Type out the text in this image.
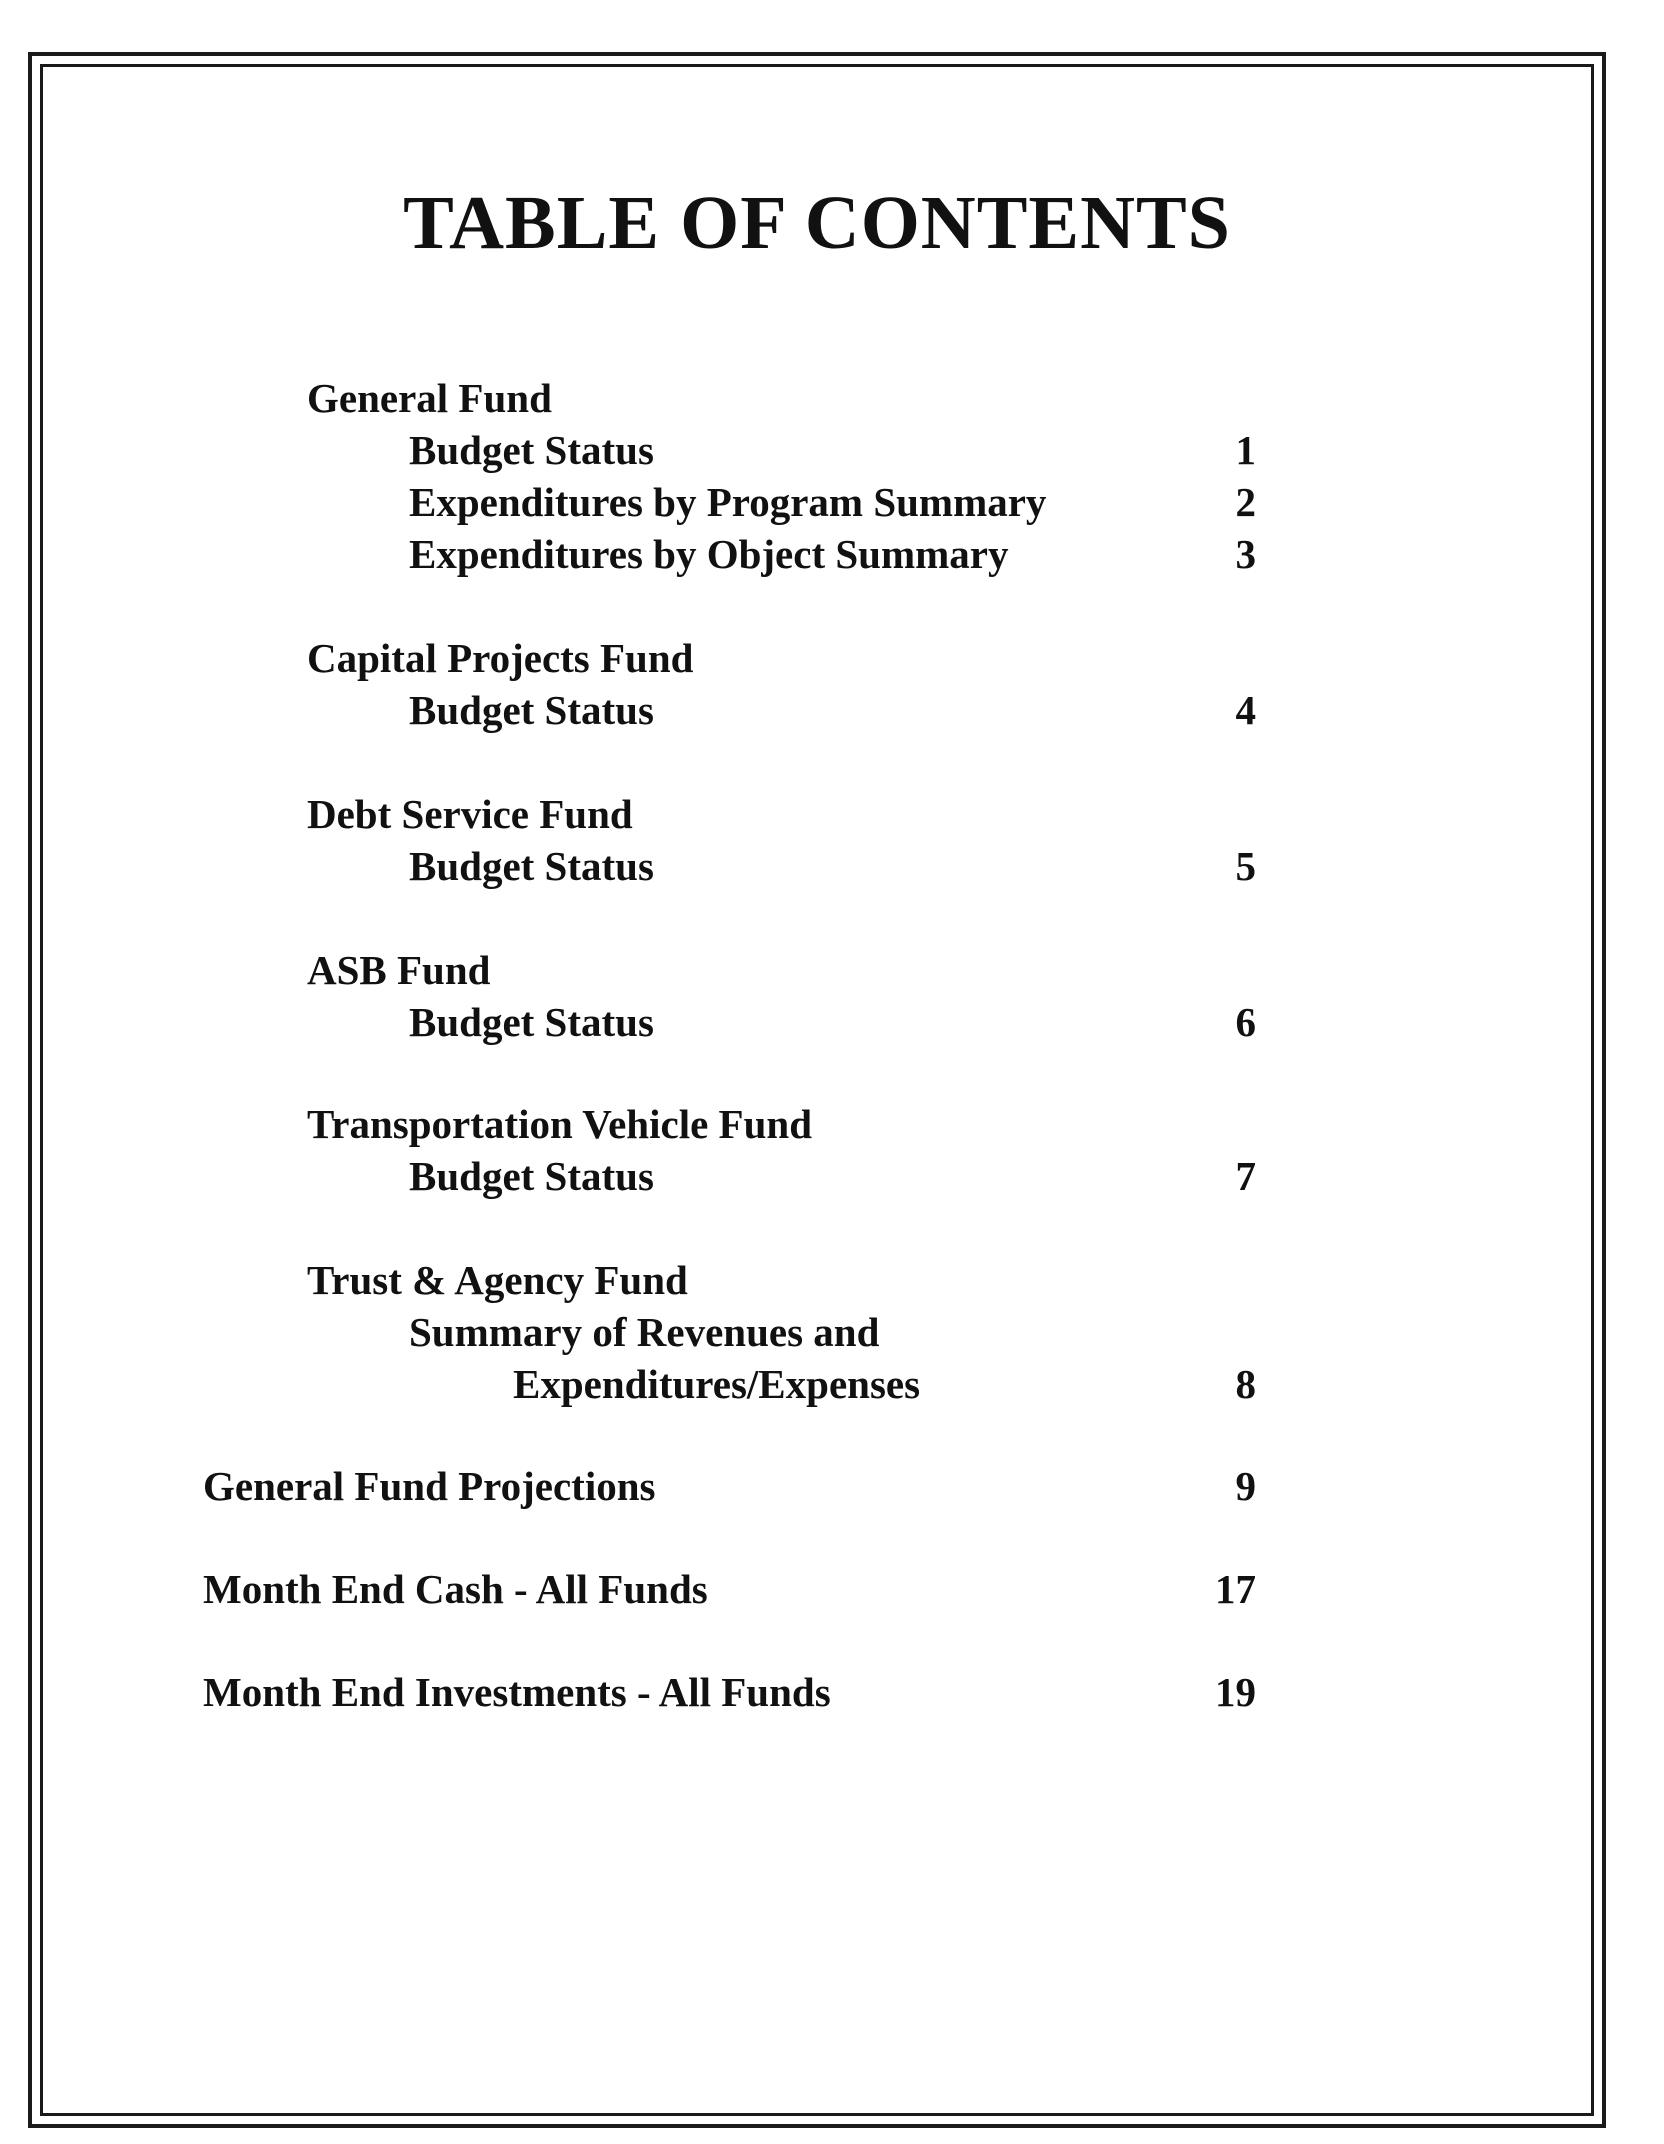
TABLE OF CONTENTS
General Fund
Budget Status	1
Expenditures by Program Summary	2
Expenditures by Object Summary	3
Capital Projects Fund
Budget Status	4
Debt Service Fund
Budget Status	5
ASB Fund
Budget Status	6
Transportation Vehicle Fund
Budget Status	7
Trust & Agency Fund
Summary of Revenues and
Expenditures/Expenses	8
General Fund Projections	9
Month End Cash - All Funds	17
Month End Investments - All Funds	19
